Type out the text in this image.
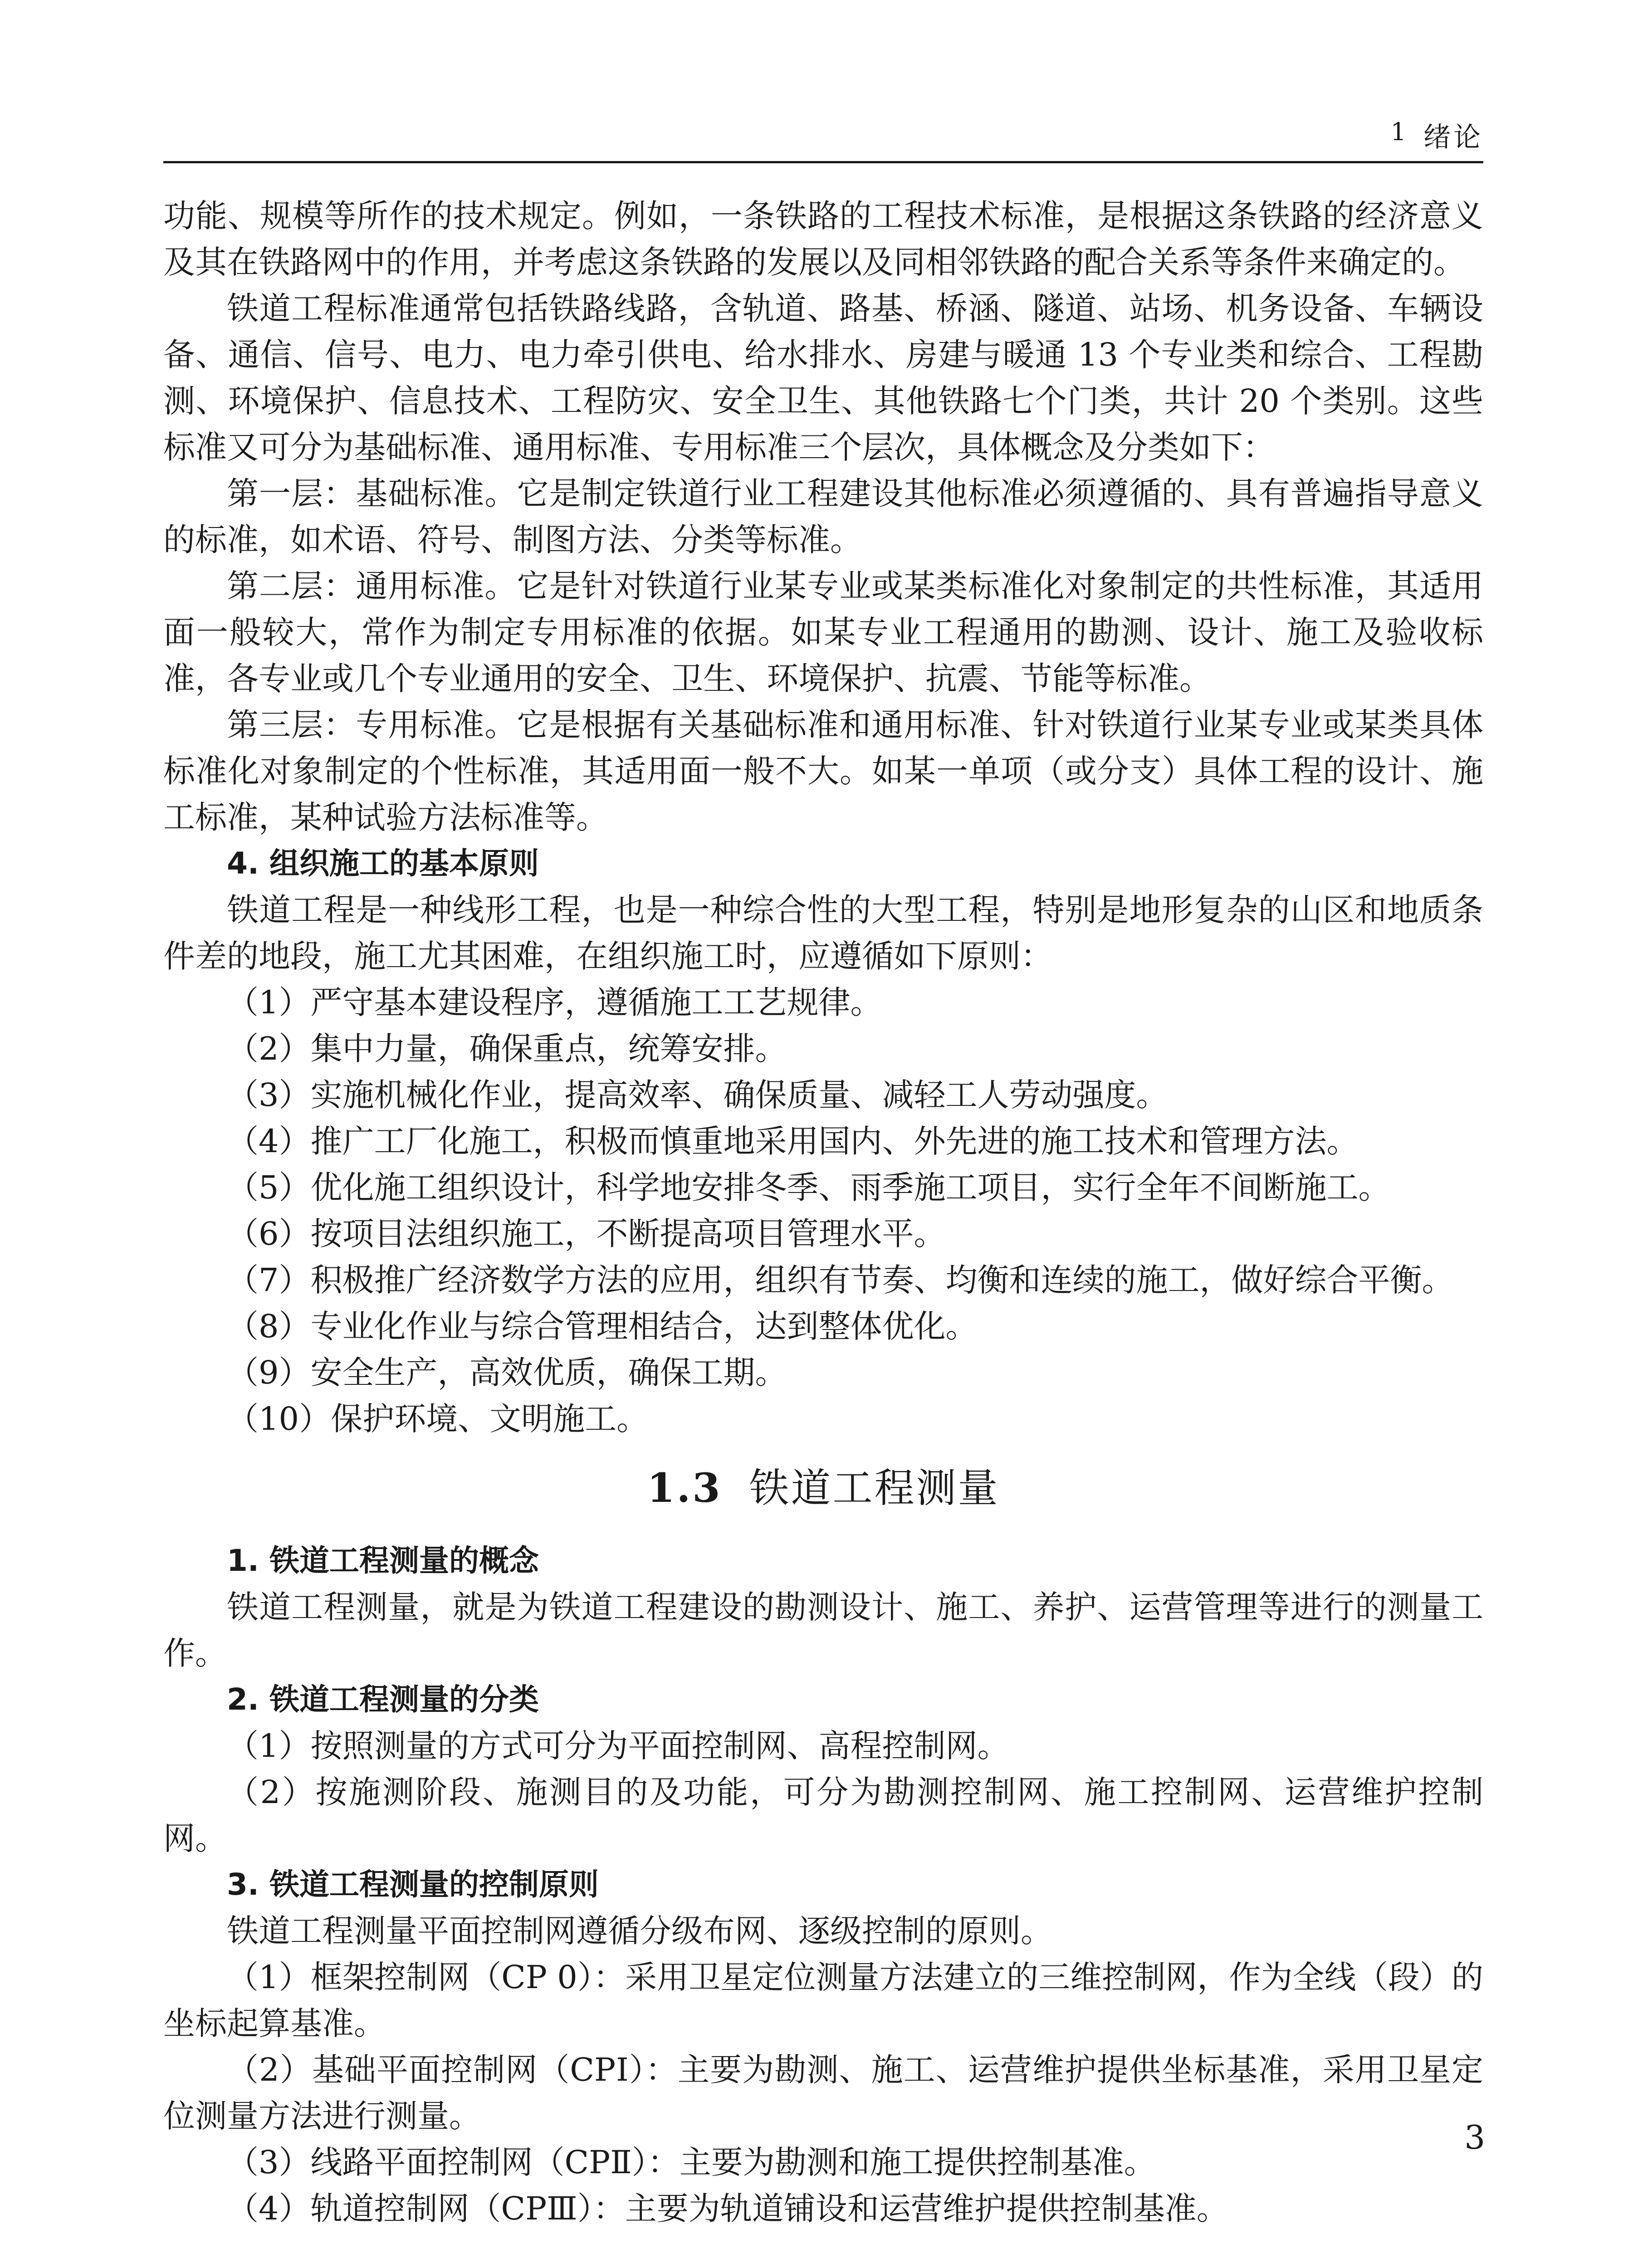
1 绪论

功能、规模等所作的技术规定。例如，一条铁路的工程技术标准，是根据这条铁路的经济意义及其在铁路网中的作用，并考虑这条铁路的发展以及同相邻铁路的配合关系等条件来确定的。

铁道工程标准通常包括铁路线路，含轨道、路基、桥涵、隧道、站场、机务设备、车辆设备、通信、信号、电力、电力牵引供电、给水排水、房建与暖通 13 个专业类和综合、工程勘测、环境保护、信息技术、工程防灾、安全卫生、其他铁路七个门类，共计 20 个类别。这些标准又可分为基础标准、通用标准、专用标准三个层次，具体概念及分类如下：

第一层：基础标准。它是制定铁道行业工程建设其他标准必须遵循的、具有普遍指导意义的标准，如术语、符号、制图方法、分类等标准。

第二层：通用标准。它是针对铁道行业某专业或某类标准化对象制定的共性标准，其适用面一般较大，常作为制定专用标准的依据。如某专业工程通用的勘测、设计、施工及验收标准，各专业或几个专业通用的安全、卫生、环境保护、抗震、节能等标准。

第三层：专用标准。它是根据有关基础标准和通用标准、针对铁道行业某专业或某类具体标准化对象制定的个性标准，其适用面一般不大。如某一单项（或分支）具体工程的设计、施工标准，某种试验方法标准等。

4. 组织施工的基本原则

铁道工程是一种线形工程，也是一种综合性的大型工程，特别是地形复杂的山区和地质条件差的地段，施工尤其困难，在组织施工时，应遵循如下原则：

（1）严守基本建设程序，遵循施工工艺规律。

（2）集中力量，确保重点，统筹安排。

（3）实施机械化作业，提高效率、确保质量、减轻工人劳动强度。

（4）推广工厂化施工，积极而慎重地采用国内、外先进的施工技术和管理方法。

（5）优化施工组织设计，科学地安排冬季、雨季施工项目，实行全年不间断施工。

（6）按项目法组织施工，不断提高项目管理水平。

（7）积极推广经济数学方法的应用，组织有节奏、均衡和连续的施工，做好综合平衡。

（8）专业化作业与综合管理相结合，达到整体优化。

（9）安全生产，高效优质，确保工期。

（10）保护环境、文明施工。

1.3 铁道工程测量
1. 铁道工程测量的概念

铁道工程测量，就是为铁道工程建设的勘测设计、施工、养护、运营管理等进行的测量工作。

2. 铁道工程测量的分类

（1）按照测量的方式可分为平面控制网、高程控制网。

（2）按施测阶段、施测目的及功能，可分为勘测控制网、施工控制网、运营维护控制网。

3. 铁道工程测量的控制原则

铁道工程测量平面控制网遵循分级布网、逐级控制的原则。

（1）框架控制网（CP 0）：采用卫星定位测量方法建立的三维控制网，作为全线（段）的坐标起算基准。

（2）基础平面控制网（CPⅠ）：主要为勘测、施工、运营维护提供坐标基准，采用卫星定位测量方法进行测量。

（3）线路平面控制网（CPⅡ）：主要为勘测和施工提供控制基准。

（4）轨道控制网（CPⅢ）：主要为轨道铺设和运营维护提供控制基准。

3
